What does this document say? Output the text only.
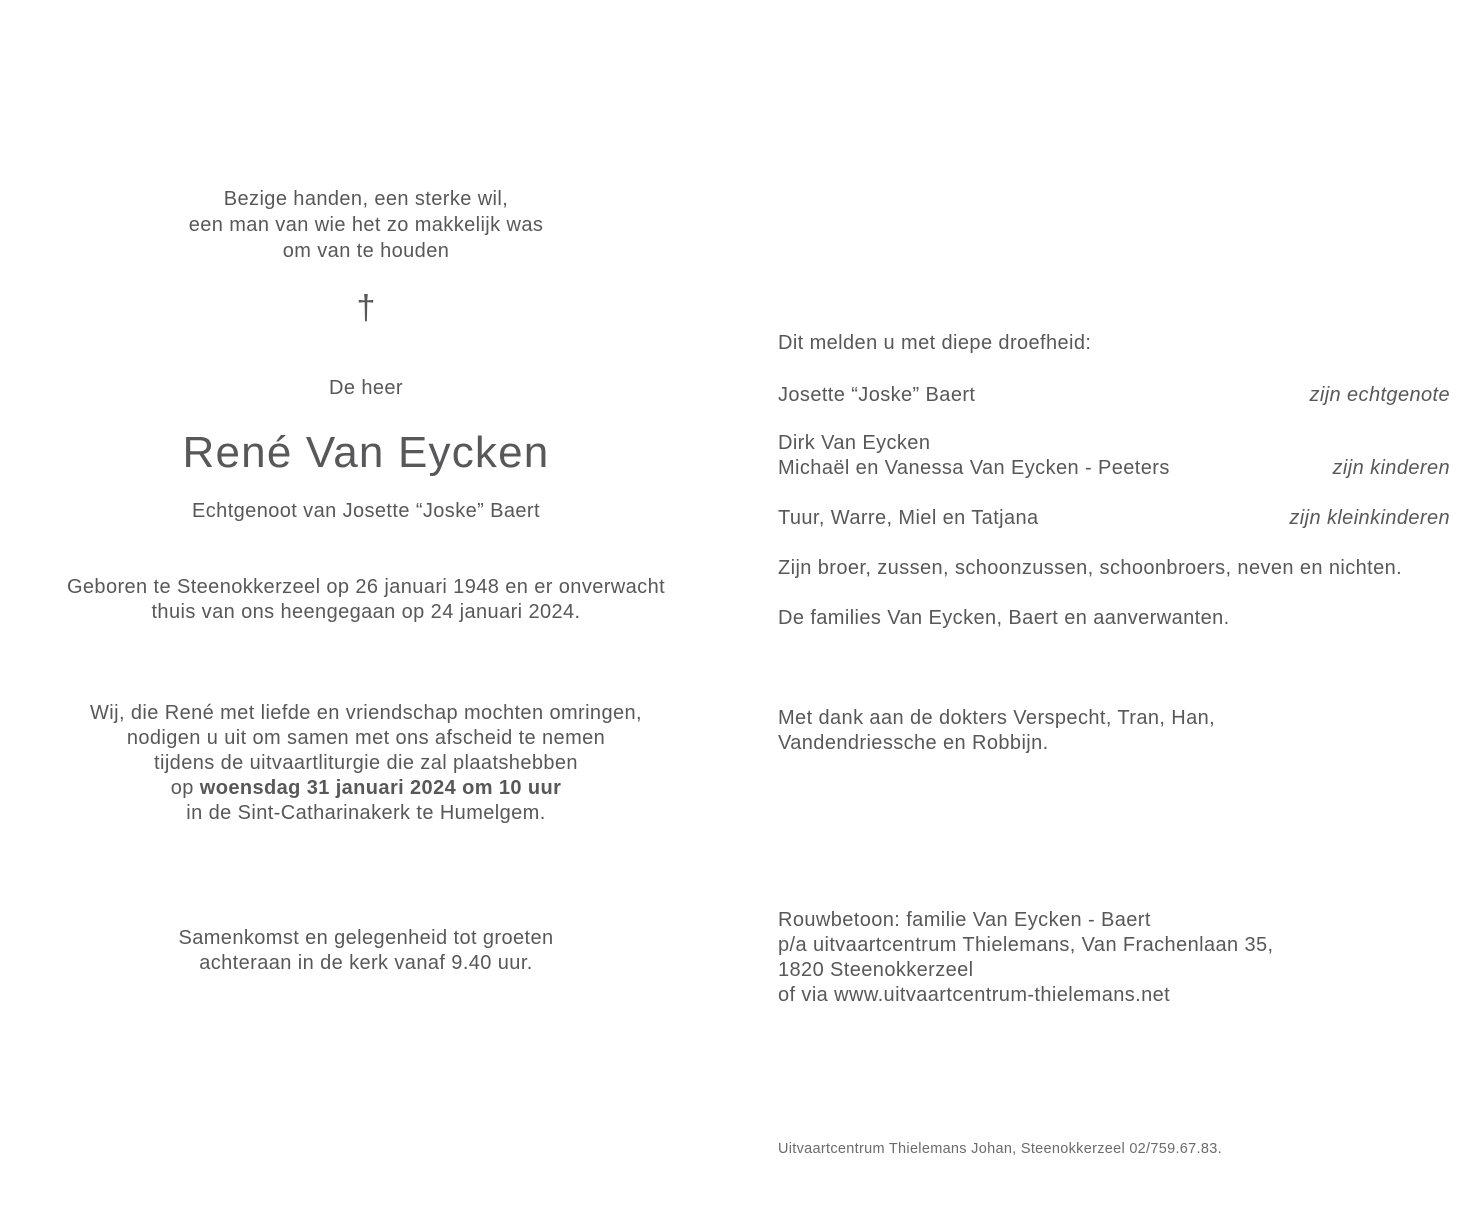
Bezige handen, een sterke wil,
een man van wie het zo makkelijk was
om van te houden
†
De heer
René Van Eycken
Echtgenoot van Josette “Joske” Baert
Geboren te Steenokkerzeel op 26 januari 1948 en er onverwacht
thuis van ons heengegaan op 24 januari 2024.
Wij, die René met liefde en vriendschap mochten omringen,
nodigen u uit om samen met ons afscheid te nemen
tijdens de uitvaartliturgie die zal plaatshebben
op woensdag 31 januari 2024 om 10 uur
in de Sint-Catharinakerk te Humelgem.
Samenkomst en gelegenheid tot groeten
achteraan in de kerk vanaf 9.40 uur.
Dit melden u met diepe droefheid:
Josette “Joske” Baert	zijn echtgenote
Dirk Van Eycken
Michaël en Vanessa Van Eycken - Peeters	zijn kinderen
Tuur, Warre, Miel en Tatjana	zijn kleinkinderen
Zijn broer, zussen, schoonzussen, schoonbroers, neven en nichten.
De families Van Eycken, Baert en aanverwanten.
Met dank aan de dokters Verspecht, Tran, Han,
Vandendriessche en Robbijn.
Rouwbetoon: familie Van Eycken - Baert
p/a uitvaartcentrum Thielemans, Van Frachenlaan 35,
1820 Steenokkerzeel
of via www.uitvaartcentrum-thielemans.net
Uitvaartcentrum Thielemans Johan, Steenokkerzeel 02/759.67.83.
